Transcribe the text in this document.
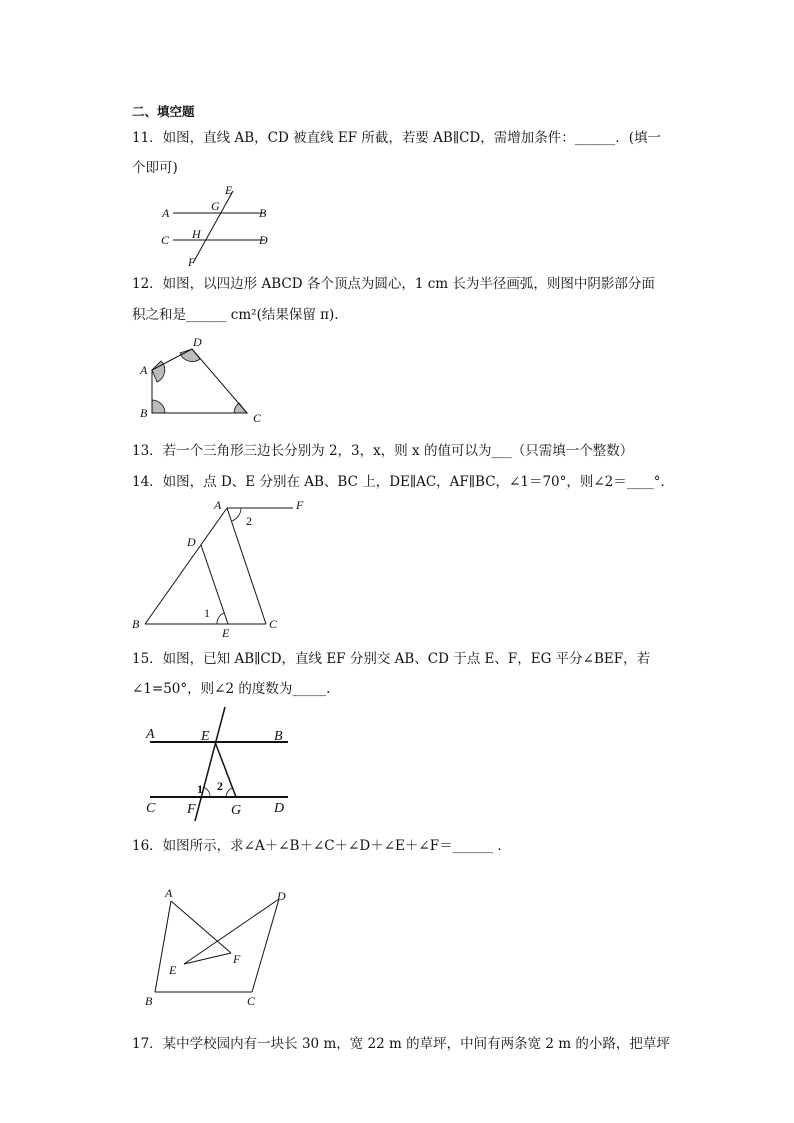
二、填空题
11．如图，直线 AB，CD 被直线 EF 所截，若要 AB∥CD，需增加条件：______．(填一
个即可)
A	B
C	D
E
F
G
H
12．如图，以四边形 ABCD 各个顶点为圆心，1 cm 长为半径画弧，则图中阴影部分面
积之和是______ cm²(结果保留 π).
A
B	C
D
13．若一个三角形三边长分别为 2，3，x，则 x 的值可以为___（只需填一个整数）
14．如图，点 D、E 分别在 AB、BC 上，DE∥AC，AF∥BC，∠1＝70°，则∠2＝____°．
A
B	C
D
E
F
1
2
15．如图，已知 AB∥CD，直线 EF 分别交 AB、CD 于点 E、F，EG 平分∠BEF，若
∠1=50°，则∠2 的度数为_____.
A	B
C	D
E
F	G
1 2
16．如图所示，求∠A＋∠B＋∠C＋∠D＋∠E＋∠F＝______ ．
A
B	C
D
E
F
17．某中学校园内有一块长 30 m，宽 22 m 的草坪，中间有两条宽 2 m 的小路，把草坪
